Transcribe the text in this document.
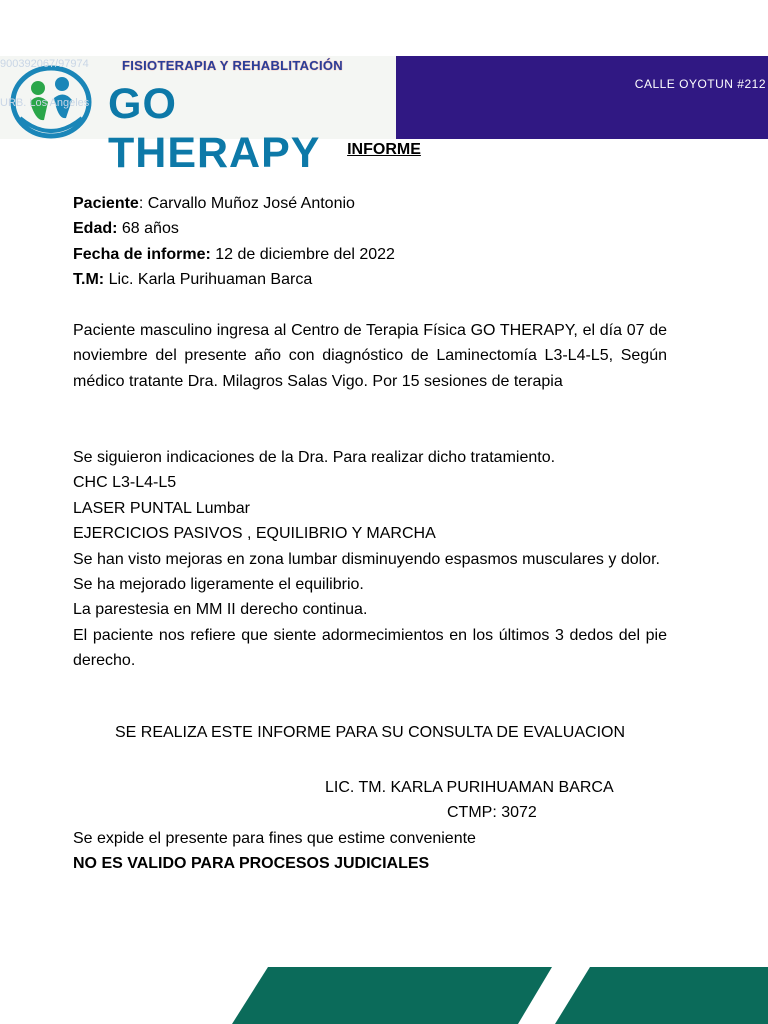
900392067/97974	FISIOTERAPIA Y REHABLITACIÓN
URB. Los Angeles GO THERAPY
CALLE OYOTUN #212
INFORME

Paciente: Carvallo Muñoz José Antonio

Edad: 68 años

Fecha de informe: 12 de diciembre del 2022

T.M: Lic. Karla Purihuaman Barca

Paciente masculino ingresa al Centro de Terapia Física GO THERAPY, el día 07 de noviembre del presente año con diagnóstico de Laminectomía L3-L4-L5, Según médico tratante Dra. Milagros Salas Vigo. Por 15 sesiones de terapia

Se siguieron indicaciones de la Dra. Para realizar dicho tratamiento.

CHC L3-L4-L5

LASER PUNTAL Lumbar

EJERCICIOS PASIVOS , EQUILIBRIO Y MARCHA

Se han visto mejoras en zona lumbar disminuyendo espasmos musculares y dolor.

Se ha mejorado ligeramente el equilibrio.

La parestesia en MM II derecho continua.

El paciente nos refiere que siente adormecimientos en los últimos 3 dedos del pie derecho.

SE REALIZA ESTE INFORME PARA SU CONSULTA DE EVALUACION
LIC. TM. KARLA PURIHUAMAN BARCA
CTMP: 3072

Se expide el presente para fines que estime conveniente

NO ES VALIDO PARA PROCESOS JUDICIALES
